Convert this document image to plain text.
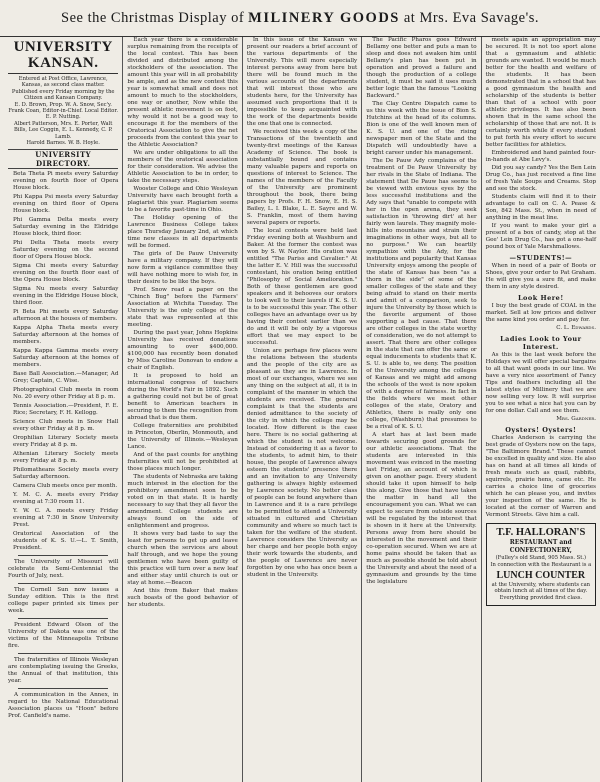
See the Christmas Display of MILINERY GOODS at Mrs. Eva Savage's.
UNIVERSITY KANSAN.
Entered at Post Office, Lawrence, Kansas, as second class matter.
Published every Friday morning by the Citizen and Kansan Company.
E. D. Brown, Prop. W. A. Snow, Sec'y.
Frank Coan, Editor-in-Chief. Local Editor. E. P. Nutting.
Albert Patterson, Mrs. E. Porter, Walt Bills, Lee Coggin, E. L. Kennedy, C. P. Lamb.
Harold Barnes. W. B. Hoyle.
UNIVERSITY DIRECTORY.

Beta Theta Pi meets every Saturday evening on fourth floor of Opera House block.

Phi Kappa Psi meets every Saturday evening on third floor of Opera House block.

Phi Gamma Delta meets every Saturday evening in the Eldridge House block, third floor.

Phi Delta Theta meets every Saturday evening on the second floor of Opera House block.

Sigma Chi meets every Saturday evening on the fourth floor east of the Opera House block.

Sigma Nu meets every Saturday evening in the Eldridge House block, third floor.

Pi Beta Phi meets every Saturday afternoon at the houses of members.

Kappa Alpha Theta meets every Saturday afternoon at the homes of members.

Kappa Kappa Gamma meets every Saturday afternoon at the homes of members.

Base Ball Association.—Manager, Ad Grey; Captain, C. Wise.

Photographical Club meets in room No. 20 every other Friday at 8 p. m.

Tennis Association.—President, F. E. Rice; Secretary, F. H. Kellogg.

Science Club meets in Snow Hall every other Friday at 8 p. m.

Orophilian Literary Society meets every Friday at 8 p. m.

Athenian Literary Society meets every Friday at 8 p. m.

Philomatheans Society meets every Saturday afternoon.

Camera Club meets once per month.

Y. M. C. A. meets every Friday evening at 7:30 room 11.

Y. W. C. A. meets every Friday evening at 7:30 in Snow University Prest.

Oratorical Association of the students of K. S. U.—L. T. Smith, President.

The University of Missouri will celebrate its Semi-Centennial the Fourth of July, next.

The Cornell Sun now issues a Sunday edition. This is the first college paper printed six times per week.

President Edward Olson of the University of Dakota was one of the victims of the Minneapolis Tribune fire.

The fraternities of Illinois Wesleyan are contemplating issuing the Greeks, the Annual of that institution, this year.

A communication in the Annex, in regard to the National Educational Association places us "Hoon" before Prof. Canfield's name.

Each year there is a considerable surplus remaining from the receipts of the local contest. This has been divided and distributed among the stockholders of the association. The amount this year will in all probability be ample, and as the new contest this year is somewhat small and does not amount to much to the stockholders, one way or another, Now while the present athletic movement is on foot, why would it not be a good way to encourage it for the members of the Oratorical Association to give the net proceeds from the contest this year to the Athletic Association?

We are under obligations to all the members of the oratorical association for their consideration. We advise the Athletic Association to be in order, to take the necessary steps.

Wooster College and Ohio Wesleyan University have each brought forth a plagiarist this year. Plagiarism seems to be a favorite past-time in Ohio.

The Holiday opening of the Lawrence Business College takes place Thursday January 2nd, at which time new classes in all departments will be formed.

The girls of De Pauw University have a military company. If they will now form a vigilance committee they will have nothing more to wish for, in their desire to be like the boys.

Prof. Snow read a paper on the "Chinch Bug" before the Farmers' Association at Wichita Tuesday. The University is the only college of the state that was represented at this meeting.

During the past year, Johns Hopkins University has received donations amounting to over $400,000. $100,000 has recently been donated by Miss Caroline Donovan to endow a chair of English.

It is proposed to hold an international congress of teachers during the World's Fair in 1892. Such a gathering could not but be of great benefit to American teachers in securing to them the recognition from abroad that is due them.

College fraternities are prohibited in Princeton, Oberlin, Monmouth, and the University of Illinois.—Wesleyan Lance.

And of the past counts for anything fraternities will not be prohibited at those places much longer.

The students of Nebraska are taking much interest in the election for the prohibitory amendment soon to be voted on in that state. It is hardly necessary to say that they all favor the amendment. College students are always found on the side of enlightenment and progress.

It shows very bad taste to say the least for persons to get up and leave church when the services are about half through, and we hope the young gentlemen who have been guilty of this practice will turn over a new leaf and either stay until church is out or stay at home.—Beacon

And this from Baker that makes such boasts of the good behavior of her students.

In this issue of the Kansan we present our readers a brief account of the various departments of the University. This will more especially interest persons away from here but there will be found much in the various accounts of the departments that will interest those who are students here, for the University has assumed such proportions that it is impossible to keep acquainted with the work of the departments beside the one that one is connected.

We received this week a copy of the Transactions of the twentieth and twenty-first meetings of the Kansas Academy of Science. The book is substantially bound and contains many valuable papers and reports on questions of interest to Science. The names of the members of the Faculty of the University are prominent throughout the book, there being papers by Profs. F. H. Snow, E. H. S. Bailey, L. I. Blake, L. E. Sayre and W. S. Franklin, most of them having several papers or reports.

The local contests were held last Friday evening both at Washburn and Baker. At the former the contest was won by S. W. Naylor. His oration was entitled "The Pariss and Cavalier." At the latter E. V. Hill was the successful contestant, his oration being entitled "Philosophy of Social Amelioration." Both of these gentlemen are good speakers and it behooves our orators to look well to their laurels if K. S. U. is to be successful this year. The other colleges have an advantage over us by having their contest earlier than we do and it will be only by a vigorous effort that we may expect to be successful.

Union are perhaps few places were the relations between the students and the people of the city are as pleasant as they are in Lawrence. In most of our exchanges, where we see any thing on the subject at all, it is in complaint of the manner in which the students are received. The general complaint is that the students are denied admittance to the society of the city in which the college may be located. How different is the case here. There is no social gathering at which the student is not welcome. Instead of considering it as a favor to the students, to admit him, to their house, the people of Lawrence always esteem the students' presence there and an invitation to any University gathering is always highly esteemed by Lawrence society. No better class of people can be found anywhere than in Lawrence and it is a rare privilege to be permitted to attend a University situated in cultured and Christian community and where so much tact is taken for the welfare of the student. Lawrence considers the University as her charge and her people both enjoy their work towards the students, and the people of Lawrence are never forgotten by one who has once been a student in the University.

The Pacific Pharos goes Edward Bellamy one better and puts a man to sleep and does not awaken him until Bellamy's plan has been put in operation and proved a failure and though the production of a college student, it must be said it uses much better logic than the famous "Looking Backward."

The Clay Centre Dispatch came to us this week with the issue of Bion S. Hutchins at the head of its columns. Bion is one of the well known men of K. S. U. and one of the rising newspaper men of the State and the Dispatch will undoubtedly have a bright career under his management.

The De Pauw Ady complains of the treatment of De Pauw University by her rivals in the State of Indiana. The statement that De Pauw has seems to be viewed with envious eyes by the less successful institutions and the Ady says that "unable to compete with her in the open arena, they seek satisfaction in 'throwing dirt' at her fairly won laurels. They magnify mole-hills into mountains and strain their imaginations in other ways, but all to no purpose." We can heartily sympathize with the Ady, for the institutions and popularity that Kansas University enjoys among the people of the state of Kansas has been "as a thorn in the side" of some of the smaller colleges of the state and they being afraid to stand on their merits and admit of a comparison, seek to injure the University by those which is the favorite argument of those supporting a bad cause. That there are other colleges in the state worthy of consideration, we do not attempt to assert. That there are other colleges in the state that can offer the same or equal inducements to students that K. S. U. is able to, we deny. The position of the University among the colleges of Kansas and we might add among the schools of the west is now spoken of with a degree of fairness. In fact in the fields where we meet other colleges of the state, Oratory and Athletics, there is really only one college, (Washburn) that presumes to be a rival of K. S. U.

A start has at last been made towards securing good grounds for our athletic associations. That the students are interested in this movement was evinced in the meeting last Friday, an account of which is given on another page. Every student should take it upon himself to help this along. Give those that have taken the matter in hand all the encouragement you can. What we can expect to secure from outside sources will be regulated by the interest that is shown in it here at the University. Persons away from here should be interested in the movement and their co-operation secured. When we are at home pains should be taken that as much as possible should be told about the University and about the need of a gymnasium and grounds by the time the legislature

meets again an appropriation may be secured. It is not too sport alone that a gymnasium and athletic grounds are wanted. It would be much better for the health and welfare of the students. It has been demonstrated that in a school that has a good gymnasium the health and scholarship of the students is better than that of a school with poor athletic privileges. It has also been shown that in the same school the scholarship of those that are not. It is certainly worth while if every student to put forth his every effort to secure better facilities for athletics.

Embroidered and hand painted four-in-hands at Abe Levy's.

Did you say candy? Yes the Ben Lein Drug Co., has just received a fine line of fresh Yale Soups and Creams. Stop and see the stock.

Students claim will find it to their advantage to call on C. A. Pease & Son, 842 Mass. St., when in need of anything in the meat line.

If you want to make your girl a present of a box of candy, stop at the Gee' Lein Drug Co., has got a one-half pound box of Yale Marshmallows.

—STUDENTS!—

When in need of a pair of Boots or Shoes, give your order to Pat Graham. He will give you a sure fit, and make them in any style desired.

Look Here!

I buy the best grade of COAL in the market. Sell at low prices and deliver the same kind you order and pay for.

C. L. Edwards.
Ladies Look to Your Interest.

As this is the last week before the Holidays we will offer special bargains to all that want goods in our line. We have a very nice assortment of Fancy Tips and feathers including all the latest styles of Millinery that we are now selling very low. It will surprise you to see what a nice hat you can by for one dollar. Call and see them.

Mrs. Gardner.
Oysters! Oysters!

Charles Anderson is carrying the best grade of Oysters now on the taps, "The Baltimore Brand." These cannot be excelled in quality and size. He also has on hand at all times all kinds of fresh meats such as quail, rabbits, squirrels, prairie hens, came etc. He carries a choice line of groceries which he can please you, and invites your inspection of the same. He is located at the corner of Warren and Vermont Streets. Give him a call.

T.F. HALLORAN'S
RESTAURANT and CONFECTIONERY,

(Fulley's old Stand, 905 Mass. St.)

In connection with the Restaurant is a

LUNCH COUNTER

at the University, where students can obtain lunch at all times of the day. Everything provided first class.
